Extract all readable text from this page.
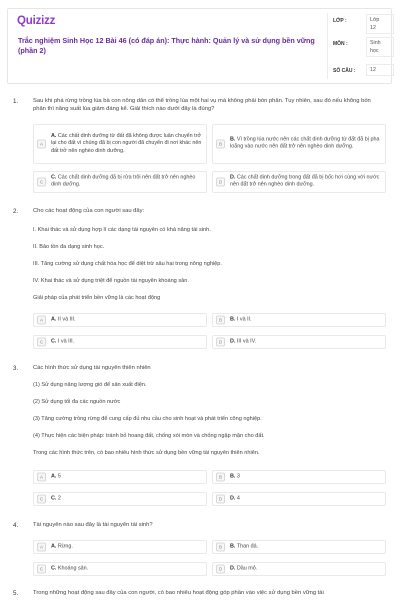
Quizizz
Trắc nghiệm Sinh Học 12 Bài 46 (có đáp án): Thực hành: Quản lý và sử dụng bền vững (phần 2)
LỚP :	Lớp
12
MÔN :	Sinh
học
SỐ CÂU :	12
1.	Sau khi phá rừng trồng lúa bà con nông dân có thể trồng lúa một hai vụ mà không phải bón phân. Tuy nhiên, sau đó nếu không bón phân thì năng suất lúa giảm đáng kể. Giải thích nào dưới đây là đúng?
A
A. Các chất dinh dưỡng từ đất đã không được luân chuyển trở lại cho đất vì chúng đã bị con người đã chuyển đi nơi khác nên đất trở nên nghèo dinh dưỡng.
B
B. Vì trồng lúa nước nên các chất dinh dưỡng từ đất đã bị pha loãng vào nước nên đất trở nên nghèo dinh dưỡng.
C
C. Các chất dinh dưỡng đã bị rửa trôi nên đất trở nên nghèo dinh dưỡng.	D
D. Các chất dinh dưỡng trong đất đã bị bốc hơi cùng với nước nên đất trở nên nghèo dinh dưỡng.
2.	Cho các hoạt động của con người sau đây:
I. Khai thác và sử dụng hợp lí các dạng tài nguyên có khả năng tái sinh.
II. Bảo tồn đa dạng sinh học.
III. Tăng cường sử dụng chất hóa học để diệt trừ sâu hại trong nông nghiệp.
IV. Khai thác và sử dụng triệt để nguồn tài nguyên khoáng sản.
Giải pháp của phát triển bền vững là các hoạt động
A	A. II và III.	B	B. I và II.
C	C. I và III.	D	D. III và IV.
3.	Các hình thức sử dụng tài nguyên thiên nhiên
(1) Sử dụng năng lượng gió để sản xuất điện.
(2) Sử dụng tối đa các nguồn nước
(3) Tăng cường trồng rừng để cung cấp đủ nhu cầu cho sinh hoạt và phát triển công nghiệp.
(4) Thực hiện các biện pháp: tránh bỏ hoang đất, chống xói mòn và chống ngập mặn cho đất.
Trong các hình thức trên, có bao nhiêu hình thức sử dụng bền vững tài nguyên thiên nhiên.
A	A. 5	B	B. 3
C	C. 2	D	D. 4
4.	Tài nguyên nào sau đây là tài nguyên tái sinh?
A	A. Rừng.	B	B. Than đá.
C	C. Khoáng sản.	D	D. Dầu mỏ.
5.	Trong những hoạt động sau đây của con người, có bao nhiêu hoạt động góp phần vào việc sử dụng bền vững tài
